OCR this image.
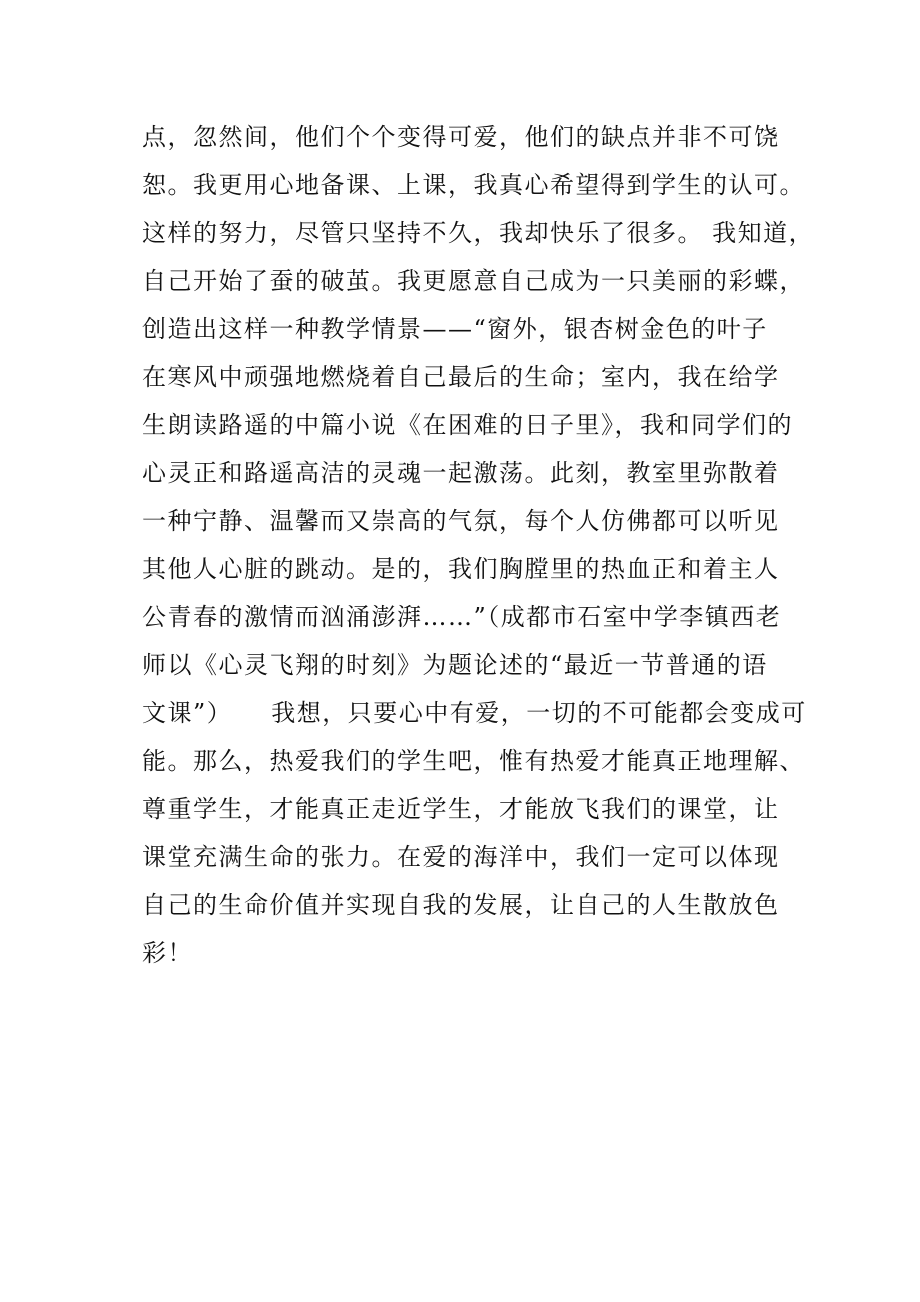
点，忽然间，他们个个变得可爱，他们的缺点并非不可饶
恕。我更用心地备课、上课，我真心希望得到学生的认可。
这样的努力，尽管只坚持不久，我却快乐了很多。 我知道，
自己开始了蚕的破茧。我更愿意自己成为一只美丽的彩蝶，
创造出这样一种教学情景——“窗外，银杏树金色的叶子
在寒风中顽强地燃烧着自己最后的生命；室内，我在给学
生朗读路遥的中篇小说《在困难的日子里》，我和同学们的
心灵正和路遥高洁的灵魂一起激荡。此刻，教室里弥散着
一种宁静、温馨而又崇高的气氛，每个人仿佛都可以听见
其他人心脏的跳动。是的，我们胸膛里的热血正和着主人
公青春的激情而汹涌澎湃……”（成都市石室中学李镇西老
师以《心灵飞翔的时刻》为题论述的“最近一节普通的语
文课”）　　我想，只要心中有爱，一切的不可能都会变成可
能。那么，热爱我们的学生吧，惟有热爱才能真正地理解、
尊重学生，才能真正走近学生，才能放飞我们的课堂，让
课堂充满生命的张力。在爱的海洋中，我们一定可以体现
自己的生命价值并实现自我的发展，让自己的人生散放色
彩！
